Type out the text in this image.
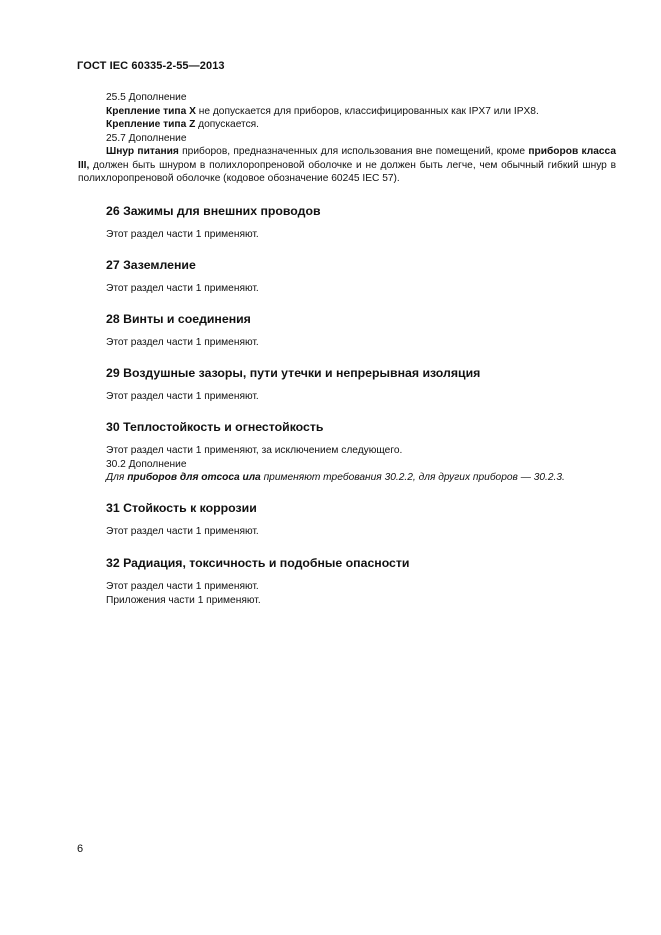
ГОСТ IEC 60335-2-55—2013

25.5 Дополнение

Крепление типа X не допускается для приборов, классифицированных как IPX7 или IPX8.

Крепление типа Z допускается.

25.7 Дополнение

Шнур питания приборов, предназначенных для использования вне помещений, кроме приборов класса III, должен быть шнуром в полихлоропреновой оболочке и не должен быть легче, чем обычный гибкий шнур в полихлоропреновой оболочке (кодовое обозначение 60245 IEC 57).

26 Зажимы для внешних проводов

Этот раздел части 1 применяют.

27 Заземление

Этот раздел части 1 применяют.

28 Винты и соединения

Этот раздел части 1 применяют.

29 Воздушные зазоры, пути утечки и непрерывная изоляция

Этот раздел части 1 применяют.

30 Теплостойкость и огнестойкость

Этот раздел части 1 применяют, за исключением следующего.

30.2 Дополнение

Для приборов для отсоса ила применяют требования 30.2.2, для других приборов — 30.2.3.

31 Стойкость к коррозии

Этот раздел части 1 применяют.

32 Радиация, токсичность и подобные опасности

Этот раздел части 1 применяют.

Приложения части 1 применяют.

6
